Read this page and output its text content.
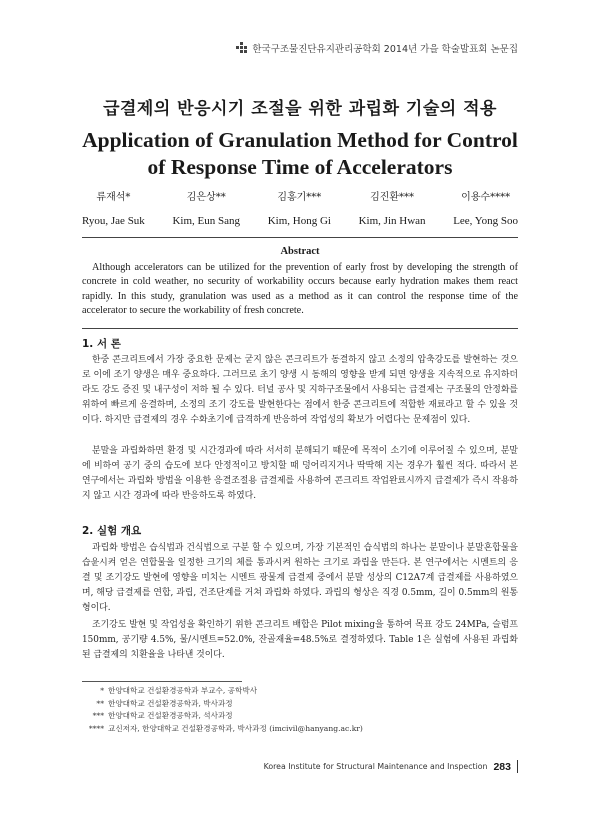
한국구조물진단유지관리공학회 2014년 가을 학술발표회 논문집
급결제의 반응시기 조절을 위한 과립화 기술의 적용
Application of Granulation Method for Control
of Response Time of Accelerators
류재석*
Ryou, Jae Suk
김은상**
Kim, Eun Sang
김홍기***
Kim, Hong Gi
김진환***
Kim, Jin Hwan
이용수****
Lee, Yong Soo
Abstract

Although accelerators can be utilized for the prevention of early frost by developing the strength of concrete in cold weather, no security of workability occurs because early hydration makes them react rapidly. In this study, granulation was used as a method as it can control the response time of the accelerator to secure the workability of fresh concrete.

1. 서 론

한중 콘크리트에서 가장 중요한 문제는 굳지 않은 콘크리트가 동결하지 않고 소정의 압축강도를 발현하는 것으로 이에 조기 양생은 매우 중요하다. 그러므로 초기 양생 시 동해의 영향을 받게 되면 양생을 지속적으로 유지하더라도 강도 증진 및 내구성이 저하 될 수 있다. 터널 공사 및 지하구조물에서 사용되는 급결제는 구조물의 안정화를 위하여 빠르게 응결하며, 소정의 조기 강도를 발현한다는 점에서 한중 콘크리트에 적합한 재료라고 할 수 있을 것이다. 하지만 급결제의 경우 수화초기에 급격하게 반응하여 작업성의 확보가 어렵다는 문제점이 있다.

분말을 과립화하면 환경 및 시간경과에 따라 서서히 분해되기 때문에 목적이 소기에 이루어질 수 있으며, 분말에 비하여 공기 중의 습도에 보다 안정적이고 방치할 때 덩어리지거나 딱딱해 지는 경우가 훨씬 적다. 따라서 본 연구에서는 과립화 방법을 이용한 응결조절용 급결제를 사용하여 콘크리트 작업완료시까지 급결제가 즉시 작용하지 않고 시간 경과에 따라 반응하도록 하였다.

2. 실험 개요

과립화 방법은 습식법과 건식법으로 구분 할 수 있으며, 가장 기본적인 습식법의 하나는 분말이나 분말혼합물을 습윤시켜 얻은 연합물을 일정한 크기의 체를 통과시켜 원하는 크기로 과립을 만든다. 본 연구에서는 시멘트의 응결 및 조기강도 발현에 영향을 미치는 시멘트 광물계 급결제 중에서 분말 성상의 C12A7계 급결제를 사용하였으며, 해당 급결제를 연합, 과립, 건조단계를 거쳐 과립화 하였다. 과립의 형상은 직경 0.5mm, 길이 0.5mm의 원통형이다.

조기강도 발현 및 작업성을 확인하기 위한 콘크리트 배합은 Pilot mixing을 통하여 목표 강도 24MPa, 슬럼프 150mm, 공기량 4.5%, 물/시멘트=52.0%, 잔골재율=48.5%로 결정하였다. Table 1은 실험에 사용된 과립화된 급결제의 치환율을 나타낸 것이다.

* 한양대학교 건설환경공학과 부교수, 공학박사
** 한양대학교 건설환경공학과, 박사과정
*** 한양대학교 건설환경공학과, 석사과정
**** 교신저자, 한양대학교 건설환경공학과, 박사과정 (imcivil@hanyang.ac.kr)
Korea Institute for Structural Maintenance and Inspection 283
